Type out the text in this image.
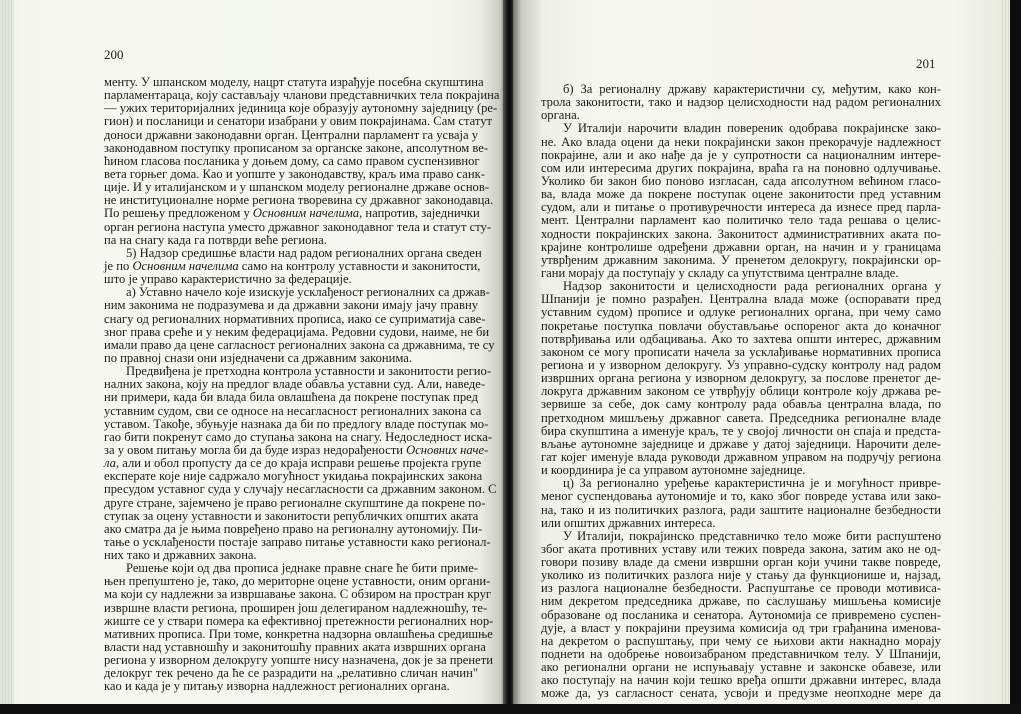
200
менту. У шпанском моделу, нацрт статута израђује посебна скупштина
парламентараца, коју састављају чланови представничких тела покрајина
— ужих територијалних јединица које образују аутономну заједницу (ре-
гион) и посланици и сенатори изабрани у овим покрајинама. Сам статут
доноси државни законодавни орган. Централни парламент га усваја у
законодавном поступку прописаном за органске законе, апсолутном ве-
ћином гласова посланика у доњем дому, са само правом суспензивног
вета горњег дома. Као и уопште у законодавству, краљ има право санк-
ције. И у италијанском и у шпанском моделу регионалне државе основ-
не институционалне норме региона творевина су државног законодавца.
По решењу предложеном у Основним начелима, напротив, заједнички
орган региона наступа уместо државног законодавног тела и статут сту-
па на снагу када га потврди веће региона.
5) Надзор средишње власти над радом регионалних органа сведен
је по Основним начелима само на контролу уставности и законитости,
што је управо карактеристично за федерације.
а) Уставно начело које изискује усклађеност регионалних са држав-
ним законима не подразумева и да државни закони имају јачу правну
снагу од регионалних нормативних прописа, иако се суприматија саве-
зног права среће и у неким федерацијама. Редовни судови, наиме, не би
имали право да цене сагласност регионалних закона са државнима, те су
по правној снази они изједначени са државним законима.
Предвиђена је претходна контрола уставности и законитости регио-
налних закона, коју на предлог владе обавља уставни суд. Али, наведе-
ни примери, када би влада била овлашћена да покрене поступак пред
уставним судом, сви се односе на несагласност регионалних закона са
уставом. Такође, збуњује назнака да би по предлогу владе поступак мо-
гао бити покренут само до ступања закона на снагу. Недоследност иска-
за у овом питању могла би да буде израз недорађености Основних наче-
ла, али и обол пропусту да се до краја исправи решење пројекта групе
експерате које није садржало могућност укидања покрајинских закона
пресудом уставног суда у случају несагласности са државним законом. С
друге стране, зајемчено је право регионалне скупштине да покрене по-
ступак за оцену уставности и законитости републичких општих аката
ако сматра да је њима повређено право на регионалну аутономију. Пи-
тање о усклађености постаје заправо питање уставности како регионал-
них тако и државних закона.
Решење који од два прописа једнаке правне снаге ће бити приме-
њен препуштено је, тако, до мериторне оцене уставности, оним органи-
ма који су надлежни за извршавање закона. С обзиром на простран круг
извршне власти региона, проширен још делегираном надлежношћу, те-
жиште се у ствари помера ка ефективној претежности регионалних нор-
мативних прописа. При томе, конкретна надзорна овлашћења средишње
власти над уставношћу и законитошћу правних аката извршних органа
региона у изворном делокругу уопште нису назначена, док је за пренети
делокруг тек речено да ће се разрадити на „релативно сличан начин"
као и када је у питању изворна надлежност регионалних органа.
201
б) За регионалну државу карактеристични су, међутим, како кон-
трола законитости, тако и надзор целисходности над радом регионалних
органа.
У Италији нарочити владин повереник одобрава покрајинске зако-
не. Ако влада оцени да неки покрајински закон прекорачује надлежност
покрајине, али и ако нађе да је у супротности са националним интере-
сом или интересима других покрајина, враћа га на поновно одлучивање.
Уколико би закон био поново изгласан, сада апсолутном већином гласо-
ва, влада може да покрене поступак оцене законитости пред уставним
судом, али и питање о противуречности интереса да изнесе пред парла-
мент. Централни парламент као политичко тело тада решава о целис-
ходности покрајинских закона. Законитост административних аката по-
крајине контролише одређени државни орган, на начин и у границама
утврђеним државним законима. У пренетом делокругу, покрајински ор-
гани морају да поступају у складу са упутствима централне владе.
Надзор законитости и целисходности рада регионалних органа у
Шпанији је помно разрађен. Централна влада може (оспоравати пред
уставним судом) прописе и одлуке регионалних органа, при чему само
покретање поступка повлачи обустављање оспореног акта до коначног
потврђивања или одбацивања. Ако то захтева општи интерес, државним
законом се могу прописати начела за усклађивање нормативних прописа
региона и у изворном делокругу. Уз управно-судску контролу над радом
извршних органа региона у изворном делокругу, за послове пренетог де-
локруга државним законом се утврђују облици контроле коју држава ре-
зервише за себе, док саму контролу рада обавља централна влада, по
претходном мишљењу државног савета. Председника регионалне владе
бира скупштина а именује краљ, те у својој личности он спаја и предста-
вљање аутономне заједнице и државе у датој заједници. Нарочити деле-
гат којег именује влада руководи државном управом на подручју региона
и координира је са управом аутономне заједнице.
ц) За регионално уређење карактеристична је и могућност привре-
меног суспендовања аутономије и то, како због повреде устава или зако-
на, тако и из политичких разлога, ради заштите националне безбедности
или општих државних интереса.
У Италији, покрајинско представничко тело може бити распуштено
због аката противних уставу или тежих повреда закона, затим ако не од-
говори позиву владе да смени извршни орган који учини такве повреде,
уколико из политичких разлога није у стању да функционише и, најзад,
из разлога националне безбедности. Распуштање се проводи мотивиса-
ним декретом председника државе, по саслушању мишљења комисије
образоване од посланика и сенатора. Аутономија се привремено суспен-
дује, а власт у покрајини преузима комисија од три грађанина именова-
на декретом о распуштању, при чему се њихови акти накнадно морају
поднети на одобрење новоизабраном представничком телу. У Шпанији,
ако регионални органи не испуњавају уставне и законске обавезе, или
ако поступају на начин који тешко вређа општи државни интерес, влада
може да, уз сагласност сената, усвоји и предузме неопходне мере да
